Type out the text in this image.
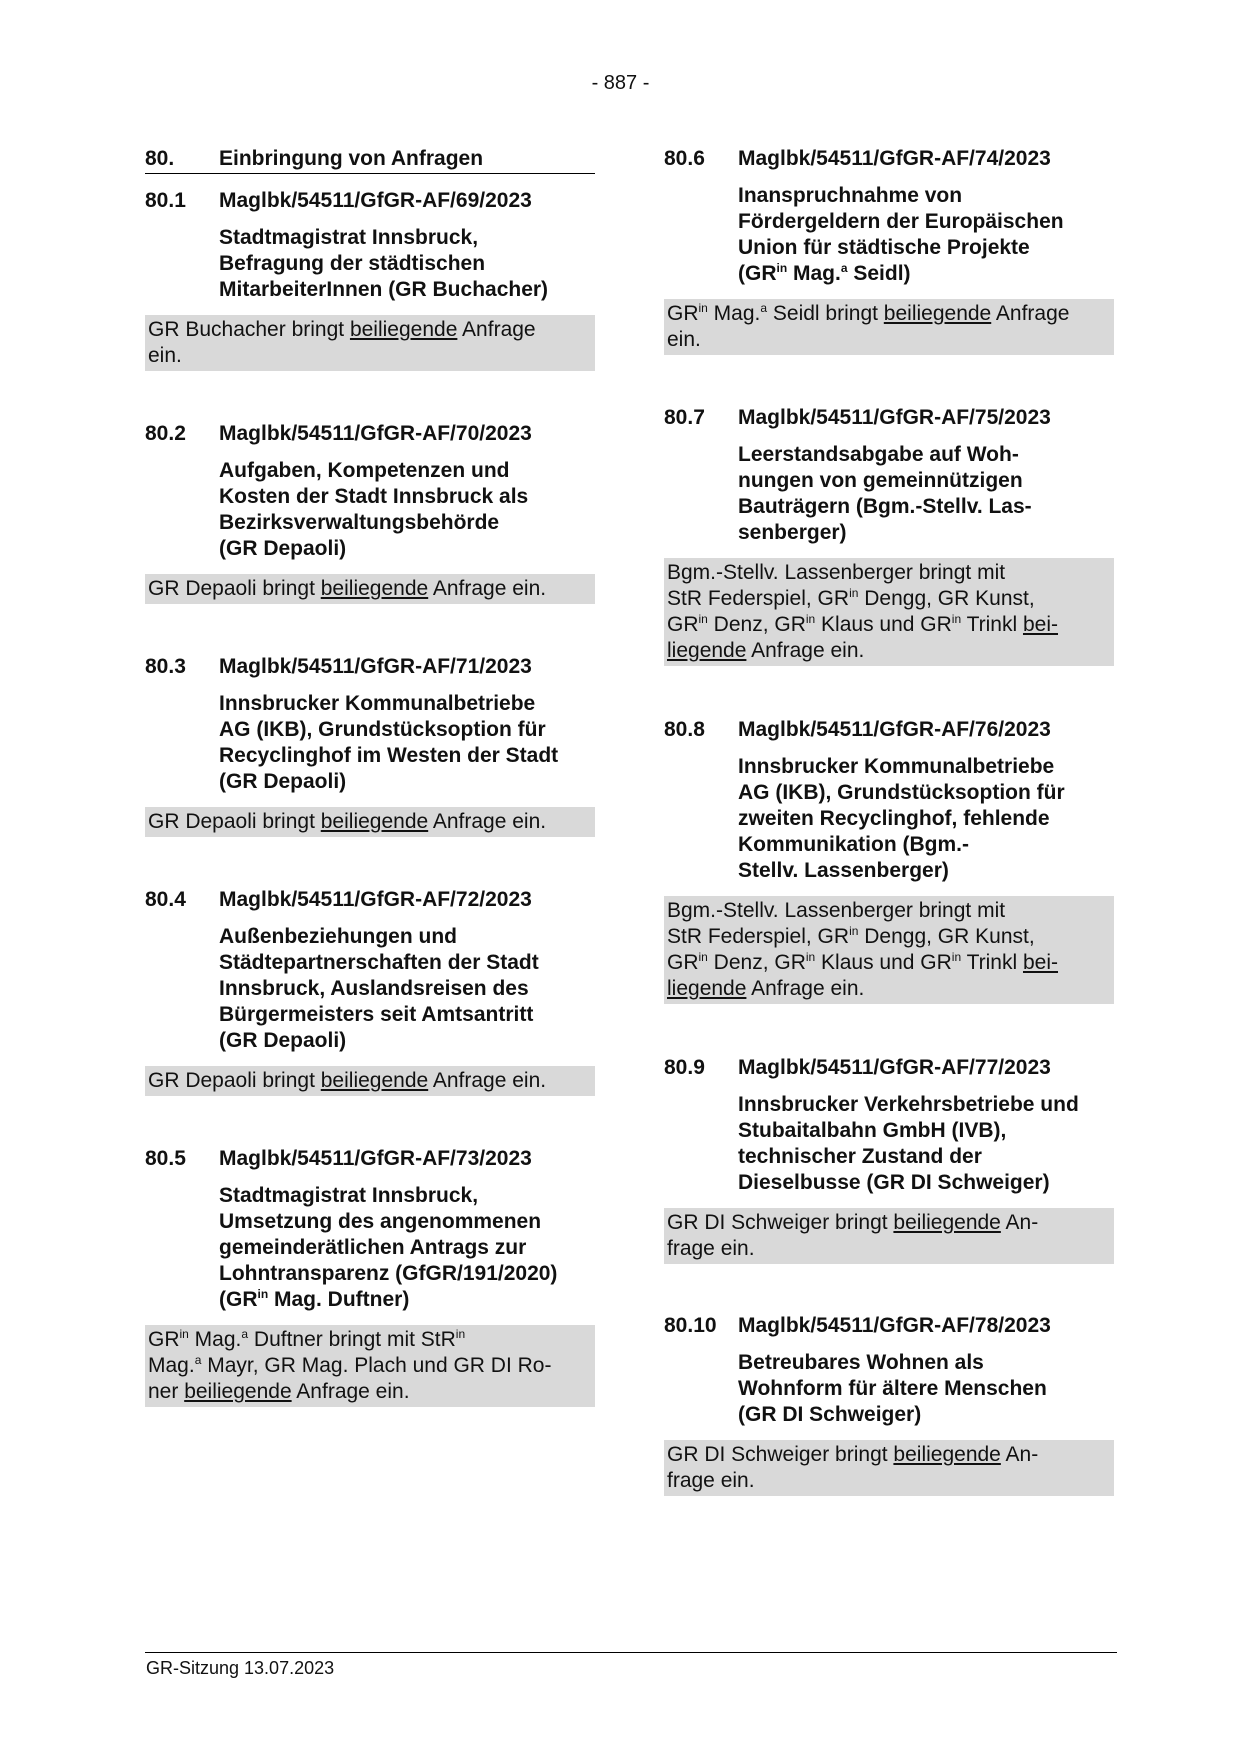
- 887 -
80.	Einbringung von Anfragen
80.1	Maglbk/54511/GfGR-AF/69/2023
Stadtmagistrat Innsbruck,
Befragung der städtischen
MitarbeiterInnen (GR Buchacher)
GR Buchacher bringt beiliegende Anfrage
ein.
80.2	Maglbk/54511/GfGR-AF/70/2023
Aufgaben, Kompetenzen und
Kosten der Stadt Innsbruck als
Bezirksverwaltungsbehörde
(GR Depaoli)
GR Depaoli bringt beiliegende Anfrage ein.
80.3	Maglbk/54511/GfGR-AF/71/2023
Innsbrucker Kommunalbetriebe
AG (IKB), Grundstücksoption für
Recyclinghof im Westen der Stadt
(GR Depaoli)
GR Depaoli bringt beiliegende Anfrage ein.
80.4	Maglbk/54511/GfGR-AF/72/2023
Außenbeziehungen und
Städtepartnerschaften der Stadt
Innsbruck, Auslandsreisen des
Bürgermeisters seit Amtsantritt
(GR Depaoli)
GR Depaoli bringt beiliegende Anfrage ein.
80.5	Maglbk/54511/GfGR-AF/73/2023
Stadtmagistrat Innsbruck,
Umsetzung des angenommenen
gemeinderätlichen Antrags zur
Lohntransparenz (GfGR/191/2020)
($GR^{in}$ Mag. Duftner)
$GR^{in}$ Mag.$^a$ Duftner bringt mit StR$^{in}$
Mag.$^a$ Mayr, GR Mag. Plach und GR DI Ro-
ner beiliegende Anfrage ein.
80.6	Maglbk/54511/GfGR-AF/74/2023
Inanspruchnahme von
Fördergeldern der Europäischen
Union für städtische Projekte
($GR^{in}$ Mag.$^a$ Seidl)
$GR^{in}$ Mag.$^a$ Seidl bringt beiliegende Anfrage
ein.
80.7	Maglbk/54511/GfGR-AF/75/2023
Leerstandsabgabe auf Woh-
nungen von gemeinnützigen
Bauträgern (Bgm.-Stellv. Las-
senberger)
Bgm.-Stellv. Lassenberger bringt mit
StR Federspiel, $GR^{in}$ Dengg, GR Kunst,
$GR^{in}$ Denz, $GR^{in}$ Klaus und $GR^{in}$ Trinkl bei-
liegende Anfrage ein.
80.8	Maglbk/54511/GfGR-AF/76/2023
Innsbrucker Kommunalbetriebe
AG (IKB), Grundstücksoption für
zweiten Recyclinghof, fehlende
Kommunikation (Bgm.-
Stellv. Lassenberger)
Bgm.-Stellv. Lassenberger bringt mit
StR Federspiel, $GR^{in}$ Dengg, GR Kunst,
$GR^{in}$ Denz, $GR^{in}$ Klaus und $GR^{in}$ Trinkl bei-
liegende Anfrage ein.
80.9	Maglbk/54511/GfGR-AF/77/2023
Innsbrucker Verkehrsbetriebe und
Stubaitalbahn GmbH (IVB),
technischer Zustand der
Dieselbusse (GR DI Schweiger)
GR DI Schweiger bringt beiliegende An-
frage ein.
80.10	Maglbk/54511/GfGR-AF/78/2023
Betreubares Wohnen als
Wohnform für ältere Menschen
(GR DI Schweiger)
GR DI Schweiger bringt beiliegende An-
frage ein.
GR-Sitzung 13.07.2023
